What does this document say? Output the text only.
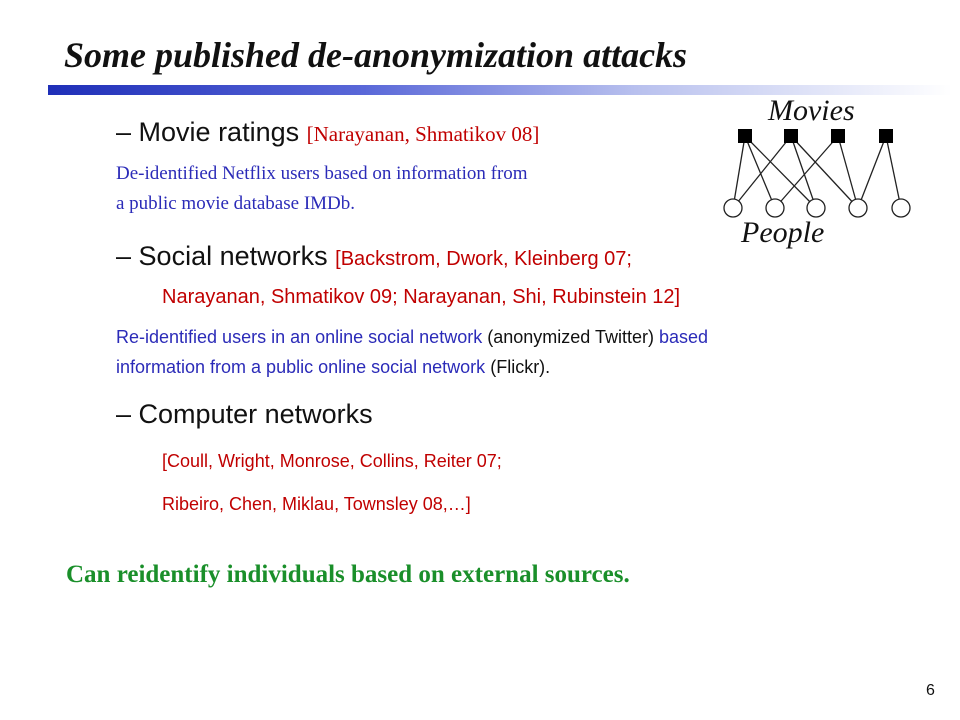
Some published de-anonymization attacks
– Movie ratings [Narayanan, Shmatikov 08]
De-identified Netflix users based on information from
a public movie database IMDb.
– Social networks [Backstrom, Dwork, Kleinberg 07;
Narayanan, Shmatikov 09; Narayanan, Shi, Rubinstein 12]
Re-identified users in an online social network (anonymized Twitter) based
information from a public online social network (Flickr).
– Computer networks
[Coull, Wright, Monrose, Collins, Reiter 07;
Ribeiro, Chen, Miklau, Townsley 08,…]
Can reidentify individuals based on external sources.
6
Movies
People
